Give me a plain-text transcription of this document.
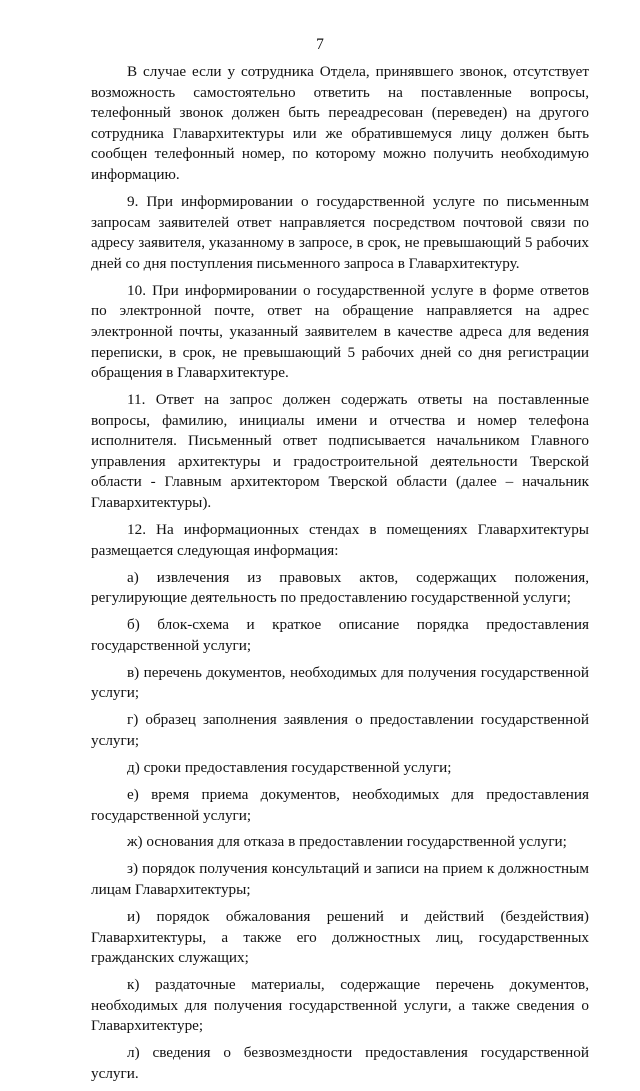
7

В случае если у сотрудника Отдела, принявшего звонок, отсутствует возможность самостоятельно ответить на поставленные вопросы, телефонный звонок должен быть переадресован (переведен) на другого сотрудника Главархитектуры или же обратившемуся лицу должен быть сообщен телефонный номер, по которому можно получить необходимую информацию.

9. При информировании о государственной услуге по письменным запросам заявителей ответ направляется посредством почтовой связи по адресу заявителя, указанному в запросе, в срок, не превышающий 5 рабочих дней со дня поступления письменного запроса в Главархитектуру.

10. При информировании о государственной услуге в форме ответов по электронной почте, ответ на обращение направляется на адрес электронной почты, указанный заявителем в качестве адреса для ведения переписки, в срок, не превышающий 5 рабочих дней со дня регистрации обращения в Главархитектуре.

11. Ответ на запрос должен содержать ответы на поставленные вопросы, фамилию, инициалы имени и отчества и номер телефона исполнителя. Письменный ответ подписывается начальником Главного управления архитектуры и градостроительной деятельности Тверской области - Главным архитектором Тверской области (далее – начальник Главархитектуры).

12. На информационных стендах в помещениях Главархитектуры размещается следующая информация:

а) извлечения из правовых актов, содержащих положения, регулирующие деятельность по предоставлению государственной услуги;

б) блок-схема и краткое описание порядка предоставления государственной услуги;

в) перечень документов, необходимых для получения государственной услуги;

г) образец заполнения заявления о предоставлении государственной услуги;

д) сроки предоставления государственной услуги;

е) время приема документов, необходимых для предоставления государственной услуги;

ж) основания для отказа в предоставлении государственной услуги;

з) порядок получения консультаций и записи на прием к должностным лицам Главархитектуры;

и) порядок обжалования решений и действий (бездействия) Главархитектуры, а также его должностных лиц, государственных гражданских служащих;

к) раздаточные материалы, содержащие перечень документов, необходимых для получения государственной услуги, а также сведения о Главархитектуре;

л) сведения о безвозмездности предоставления государственной услуги.
